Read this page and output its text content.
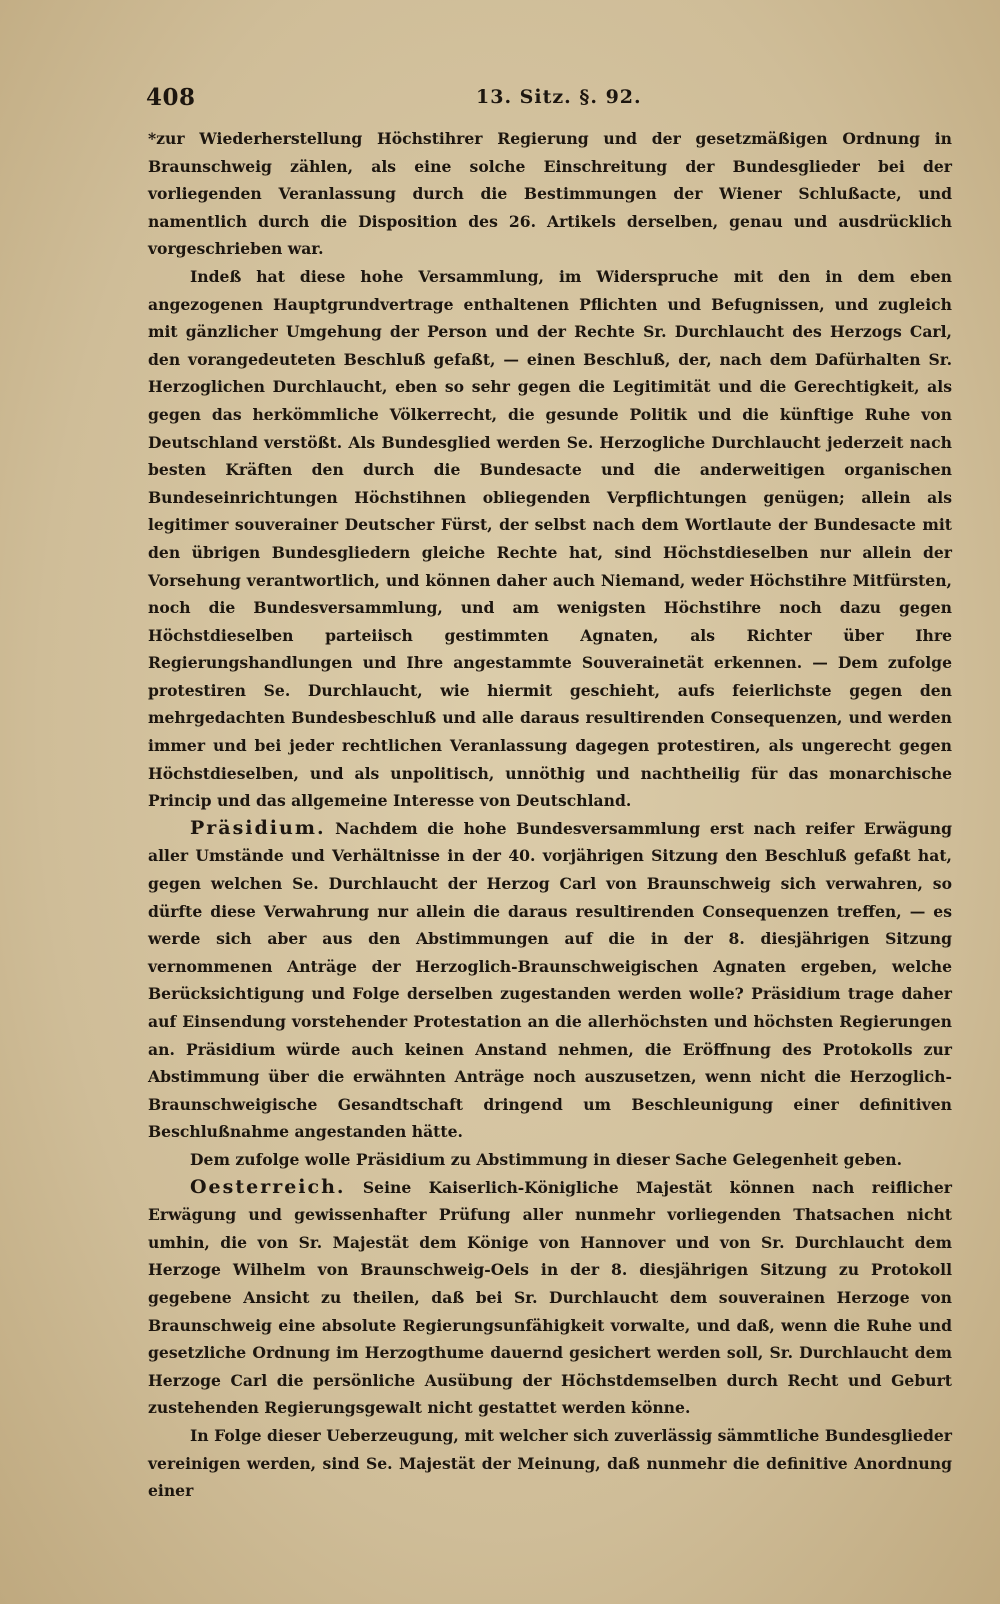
408	13. Sitz. §. 92.

*zur Wiederherstellung Höchstihrer Regierung und der gesetzmäßigen Ordnung in Braunschweig zählen, als eine solche Einschreitung der Bundesglieder bei der vorliegenden Veranlassung durch die Bestimmungen der Wiener Schlußacte, und namentlich durch die Disposition des 26. Artikels derselben, genau und ausdrücklich vorgeschrieben war.

Indeß hat diese hohe Versammlung, im Widerspruche mit den in dem eben angezogenen Hauptgrundvertrage enthaltenen Pflichten und Befugnissen, und zugleich mit gänzlicher Umgehung der Person und der Rechte Sr. Durchlaucht des Herzogs Carl, den vorangedeuteten Beschluß gefaßt, — einen Beschluß, der, nach dem Dafürhalten Sr. Herzoglichen Durchlaucht, eben so sehr gegen die Legitimität und die Gerechtigkeit, als gegen das herkömmliche Völkerrecht, die gesunde Politik und die künftige Ruhe von Deutschland verstößt. Als Bundesglied werden Se. Herzogliche Durchlaucht jederzeit nach besten Kräften den durch die Bundesacte und die anderweitigen organischen Bundeseinrichtungen Höchstihnen obliegenden Verpflichtungen genügen; allein als legitimer souverainer Deutscher Fürst, der selbst nach dem Wortlaute der Bundesacte mit den übrigen Bundesgliedern gleiche Rechte hat, sind Höchstdieselben nur allein der Vorsehung verantwortlich, und können daher auch Niemand, weder Höchstihre Mitfürsten, noch die Bundesversammlung, und am wenigsten Höchstihre noch dazu gegen Höchstdieselben parteiisch gestimmten Agnaten, als Richter über Ihre Regierungshandlungen und Ihre angestammte Souverainetät erkennen. — Dem zufolge protestiren Se. Durchlaucht, wie hiermit geschieht, aufs feierlichste gegen den mehrgedachten Bundesbeschluß und alle daraus resultirenden Consequenzen, und werden immer und bei jeder rechtlichen Veranlassung dagegen protestiren, als ungerecht gegen Höchstdieselben, und als unpolitisch, unnöthig und nachtheilig für das monarchische Princip und das allgemeine Interesse von Deutschland.

Präsidium. Nachdem die hohe Bundesversammlung erst nach reifer Erwägung aller Umstände und Verhältnisse in der 40. vorjährigen Sitzung den Beschluß gefaßt hat, gegen welchen Se. Durchlaucht der Herzog Carl von Braunschweig sich verwahren, so dürfte diese Verwahrung nur allein die daraus resultirenden Consequenzen treffen, — es werde sich aber aus den Abstimmungen auf die in der 8. diesjährigen Sitzung vernommenen Anträge der Herzoglich-Braunschweigischen Agnaten ergeben, welche Berücksichtigung und Folge derselben zugestanden werden wolle? Präsidium trage daher auf Einsendung vorstehender Protestation an die allerhöchsten und höchsten Regierungen an. Präsidium würde auch keinen Anstand nehmen, die Eröffnung des Protokolls zur Abstimmung über die erwähnten Anträge noch auszusetzen, wenn nicht die Herzoglich-Braunschweigische Gesandtschaft dringend um Beschleunigung einer definitiven Beschlußnahme angestanden hätte.

Dem zufolge wolle Präsidium zu Abstimmung in dieser Sache Gelegenheit geben.

Oesterreich. Seine Kaiserlich-Königliche Majestät können nach reiflicher Erwägung und gewissenhafter Prüfung aller nunmehr vorliegenden Thatsachen nicht umhin, die von Sr. Majestät dem Könige von Hannover und von Sr. Durchlaucht dem Herzoge Wilhelm von Braunschweig-Oels in der 8. diesjährigen Sitzung zu Protokoll gegebene Ansicht zu theilen, daß bei Sr. Durchlaucht dem souverainen Herzoge von Braunschweig eine absolute Regierungsunfähigkeit vorwalte, und daß, wenn die Ruhe und gesetzliche Ordnung im Herzogthume dauernd gesichert werden soll, Sr. Durchlaucht dem Herzoge Carl die persönliche Ausübung der Höchstdemselben durch Recht und Geburt zustehenden Regierungsgewalt nicht gestattet werden könne.

In Folge dieser Ueberzeugung, mit welcher sich zuverlässig sämmtliche Bundesglieder vereinigen werden, sind Se. Majestät der Meinung, daß nunmehr die definitive Anordnung einer
